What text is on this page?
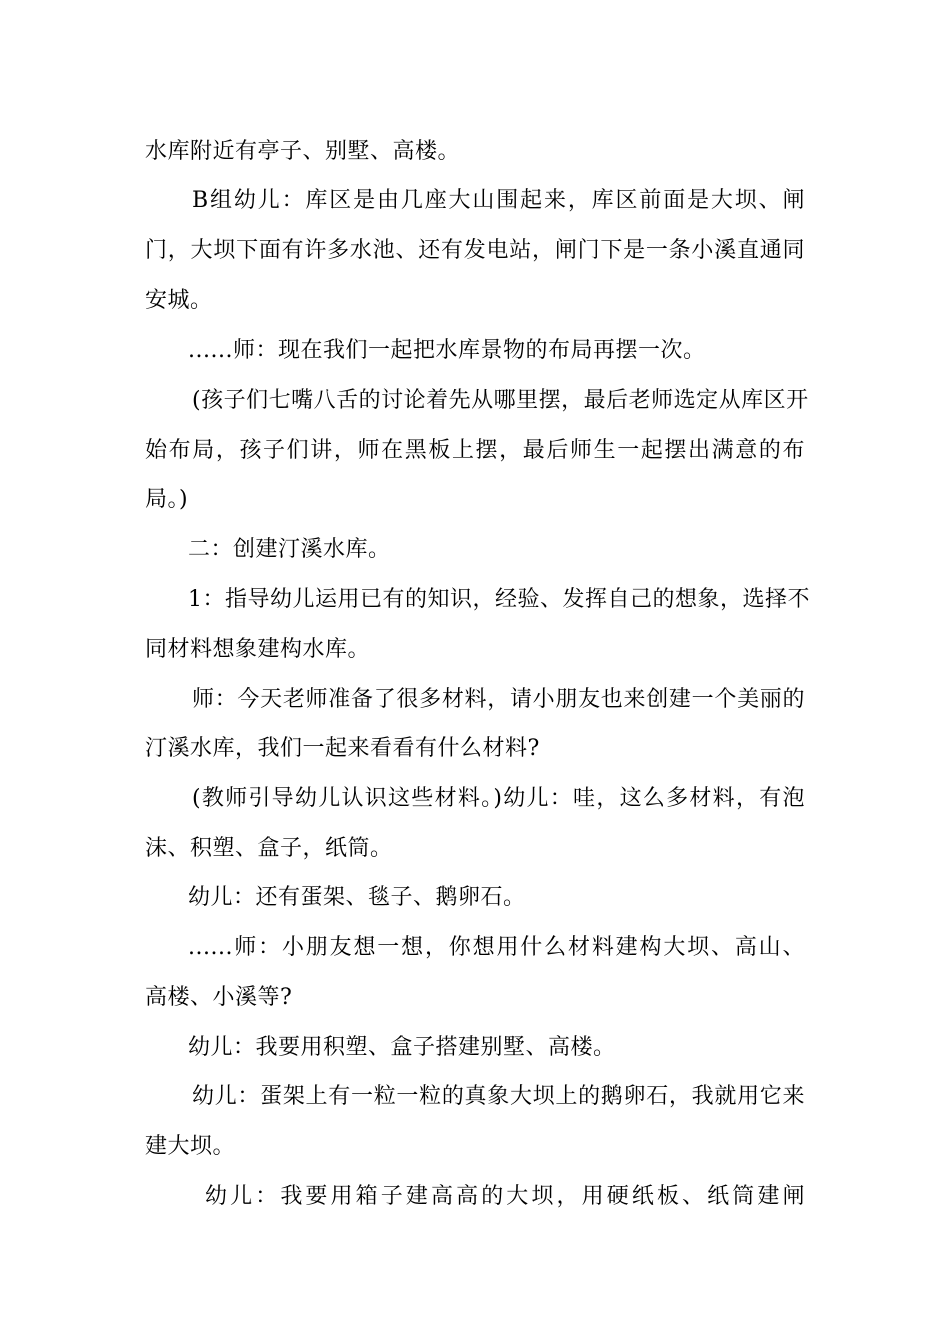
水库附近有亭子、别墅、高楼。
B组幼儿：库区是由几座大山围起来，库区前面是大坝、闸
门，大坝下面有许多水池、还有发电站，闸门下是一条小溪直通同
安城。
......师：现在我们一起把水库景物的布局再摆一次。
(孩子们七嘴八舌的讨论着先从哪里摆，最后老师选定从库区开
始布局，孩子们讲，师在黑板上摆，最后师生一起摆出满意的布
局。)
二：创建汀溪水库。
1：指导幼儿运用已有的知识，经验、发挥自己的想象，选择不
同材料想象建构水库。
师：今天老师准备了很多材料，请小朋友也来创建一个美丽的
汀溪水库，我们一起来看看有什么材料?
(教师引导幼儿认识这些材料。)幼儿：哇，这么多材料，有泡
沫、积塑、盒子，纸筒。
幼儿：还有蛋架、毯子、鹅卵石。
......师：小朋友想一想，你想用什么材料建构大坝、高山、
高楼、小溪等?
幼儿：我要用积塑、盒子搭建别墅、高楼。
幼儿：蛋架上有一粒一粒的真象大坝上的鹅卵石，我就用它来
建大坝。
幼儿：我要用箱子建高高的大坝，用硬纸板、纸筒建闸
